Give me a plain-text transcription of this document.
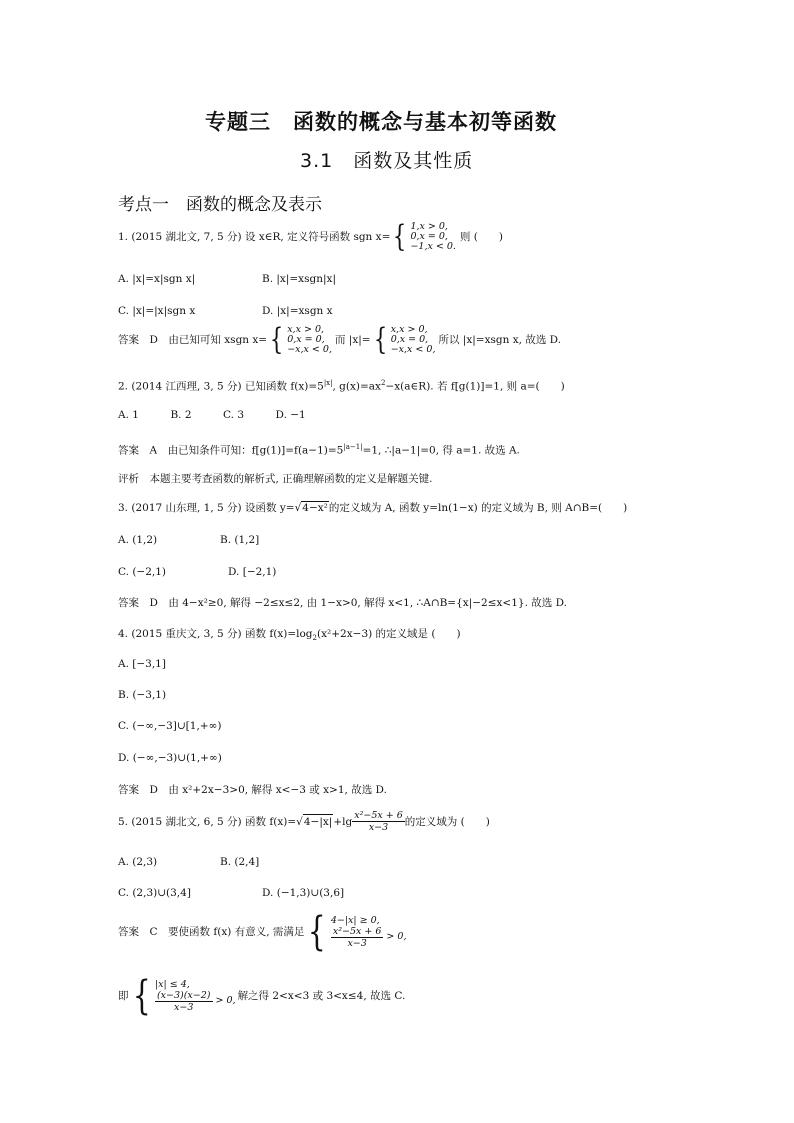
专题三　函数的概念与基本初等函数
3.1　函数及其性质
考点一　函数的概念及表示
1. (2015 湖北文, 7, 5 分) 设 x∈R, 定义符号函数 sgn x= { 1,x > 0,
0,x = 0,
−1,x < 0.
则 (　　)
A. |x|=x|sgn x|	B. |x|=xsgn|x|
C. |x|=|x|sgn x	D. |x|=xsgn x
答案　D　由已知可知 xsgn x= { x,x > 0,
0,x = 0,
−x,x < 0,
而 |x|= { x,x > 0,
0,x = 0,
−x,x < 0,
所以 |x|=xsgn x, 故选 D.
2. (2014 江西理, 3, 5 分) 已知函数 $f(x)=5^{|x|}$, $g(x)=ax^2-x(a\in R)$. 若 f[g(1)]=1, 则 a=(　　)
A. 1　　　B. 2　　　C. 3　　　D. −1
答案　A　由已知条件可知：$f[g(1)]=f(a-1)=5^{|a-1|}=1$, ∴|a−1|=0, 得 a=1. 故选 A.
评析　本题主要考查函数的解析式, 正确理解函数的定义是解题关键.
3. (2017 山东理, 1, 5 分) 设函数 y=√4−x²的定义域为 A, 函数 y=ln(1−x) 的定义域为 B, 则 A∩B=(　　)
A. (1,2)	B. (1,2]
C. (−2,1)	D. [−2,1)
答案　D　由 4−x²≥0, 解得 −2≤x≤2, 由 1−x>0, 解得 x<1, ∴A∩B={x|−2≤x<1}. 故选 D.
4. (2015 重庆文, 3, 5 分) 函数 $f(x)=\log_2(x^2+2x-3)$ 的定义域是 (　　)
A. [−3,1]
B. (−3,1)
C. (−∞,−3]∪[1,+∞)
D. (−∞,−3)∪(1,+∞)
答案　D　由 x²+2x−3>0, 解得 x<−3 或 x>1, 故选 D.
5. (2015 湖北文, 6, 5 分) 函数 f(x)= √ $4-|x| +\lg \frac{\text{x²−5x + 6}}{x-3}$ 的定义域为 (　　)
A. (2,3)	B. (2,4]
C. (2,3)∪(3,4]	D. (−1,3)∪(3,6]
答案　C　要使函数 f(x) 有意义, 需满足 { 4−|x| ≥ 0,
$\frac{\text{x²−5x + 6}}{x-3} > 0$,
即 { |x| ≤ 4,
$\frac{(x-3)(x-2)}{x-3} > 0$, 解之得 2<x<3 或 3<x≤4, 故选 C.
